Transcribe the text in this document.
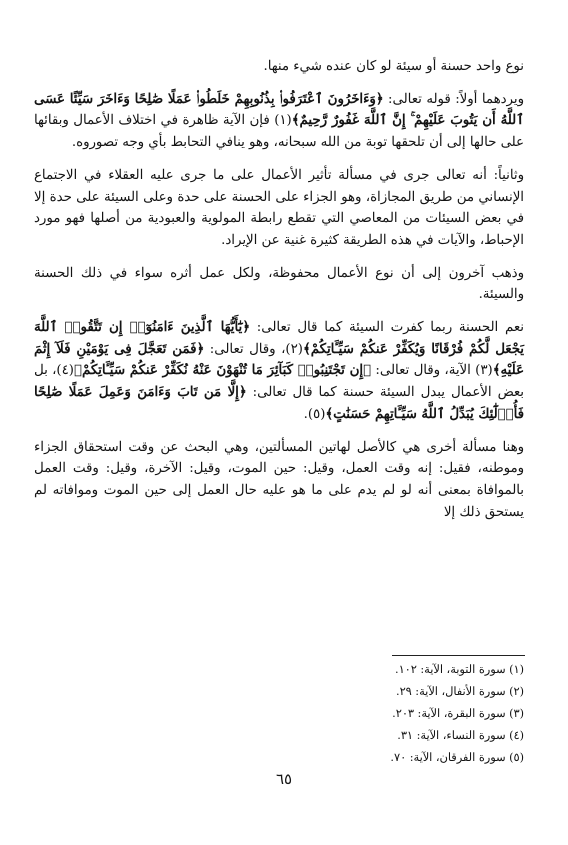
نوع واحد حسنة أو سيئة لو كان عنده شيء منها.

ويردهما أولاً: قوله تعالى: ﴿وَءَاخَرُونَ ٱعْتَرَفُوا۟ بِذُنُوبِهِمْ خَلَطُوا۟ عَمَلًا صَٰلِحًا وَءَاخَرَ سَيِّئًا عَسَى ٱللَّهُ أَن يَتُوبَ عَلَيْهِمْ ۚ إِنَّ ٱللَّهَ غَفُورٌ رَّحِيمٌ﴾(١) فإن الآية ظاهرة في اختلاف الأعمال وبقائها على حالها إلى أن تلحقها توبة من الله سبحانه، وهو ينافي التحابط بأي وجه تصوروه.

وثانياً: أنه تعالى جرى في مسألة تأثير الأعمال على ما جرى عليه العقلاء في الاجتماع الإنساني من طريق المجازاة، وهو الجزاء على الحسنة على حدة وعلى السيئة على حدة إلا في بعض السيئات من المعاصي التي تقطع رابطة المولوية والعبودية من أصلها فهو مورد الإحباط، والآيات في هذه الطريقة كثيرة غنية عن الإيراد.

وذهب آخرون إلى أن نوع الأعمال محفوظة، ولكل عمل أثره سواء في ذلك الحسنة والسيئة.

نعم الحسنة ربما كفرت السيئة كما قال تعالى: ﴿يَٰٓأَيُّهَا ٱلَّذِينَ ءَامَنُوٓا۟ إِن تَتَّقُوا۟ ٱللَّهَ يَجْعَل لَّكُمْ فُرْقَانًا وَيُكَفِّرْ عَنكُمْ سَيِّـَٔاتِكُمْ﴾(٢)، وقال تعالى: ﴿فَمَن تَعَجَّلَ فِى يَوْمَيْنِ فَلَآ إِثْمَ عَلَيْهِ﴾(٣) الآية، وقال تعالى: ﴿إِن تَجْتَنِبُوا۟ كَبَآئِرَ مَا تُنْهَوْنَ عَنْهُ نُكَفِّرْ عَنكُمْ سَيِّـَٔاتِكُمْ﴾(٤)، بل بعض الأعمال يبدل السيئة حسنة كما قال تعالى: ﴿إِلَّا مَن تَابَ وَءَامَنَ وَعَمِلَ عَمَلًا صَٰلِحًا فَأُو۟لَٰٓئِكَ يُبَدِّلُ ٱللَّهُ سَيِّـَٔاتِهِمْ حَسَنَٰتٍ﴾(٥).

وهنا مسألة أخرى هي كالأصل لهاتين المسألتين، وهي البحث عن وقت استحقاق الجزاء وموطنه، فقيل: إنه وقت العمل، وقيل: حين الموت، وقيل: الآخرة، وقيل: وقت العمل بالموافاة بمعنى أنه لو لم يدم على ما هو عليه حال العمل إلى حين الموت وموافاته لم يستحق ذلك إلا

(١) سورة التوبة، الآية: ١٠٢.
(٢) سورة الأنفال، الآية: ٢٩.
(٣) سورة البقرة، الآية: ٢٠٣.
(٤) سورة النساء، الآية: ٣١.
(٥) سورة الفرقان، الآية: ٧٠.
٦٥
